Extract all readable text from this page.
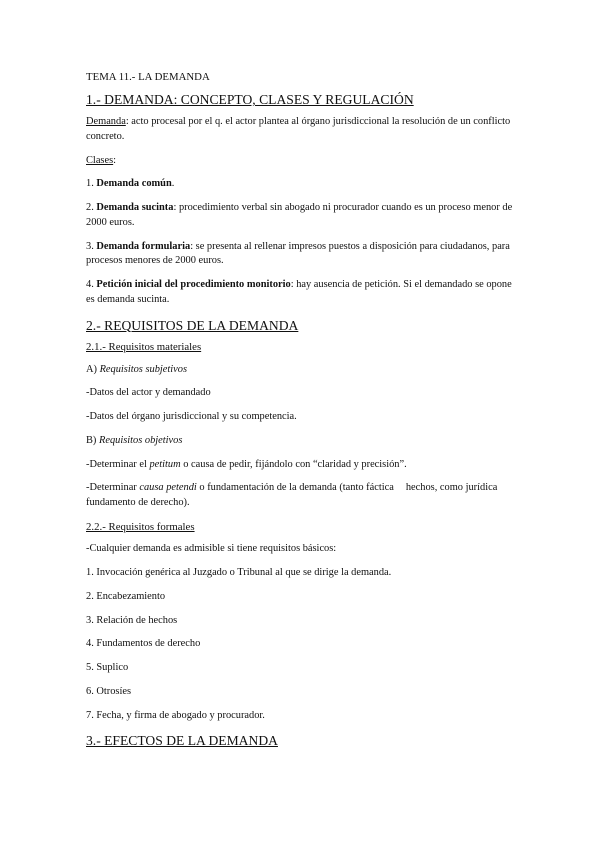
TEMA 11.- LA DEMANDA

1.- DEMANDA: CONCEPTO, CLASES Y REGULACIÓN

Demanda: acto procesal por el q. el actor plantea al órgano jurisdiccional la resolución de un conflicto concreto.

Clases:

1. Demanda común.

2. Demanda sucinta: procedimiento verbal sin abogado ni procurador cuando es un proceso menor de 2000 euros.

3. Demanda formularia: se presenta al rellenar impresos puestos a disposición para ciudadanos, para procesos menores de 2000 euros.

4. Petición inicial del procedimiento monitorio: hay ausencia de petición. Si el demandado se opone es demanda sucinta.

2.- REQUISITOS DE LA DEMANDA

2.1.- Requisitos materiales

A) Requisitos subjetivos

-Datos del actor y demandado

-Datos del órgano jurisdiccional y su competencia.

B) Requisitos objetivos

-Determinar el petitum o causa de pedir, fijándolo con “claridad y precisión”.

-Determinar causa petendi o fundamentación de la demanda (tanto fáctica hechos, como jurídicafundamento de derecho).

2.2.- Requisitos formales

-Cualquier demanda es admisible si tiene requisitos básicos:

1. Invocación genérica al Juzgado o Tribunal al que se dirige la demanda.

2. Encabezamiento

3. Relación de hechos

4. Fundamentos de derecho

5. Suplico

6. Otrosíes

7. Fecha, y firma de abogado y procurador.

3.- EFECTOS DE LA DEMANDA
